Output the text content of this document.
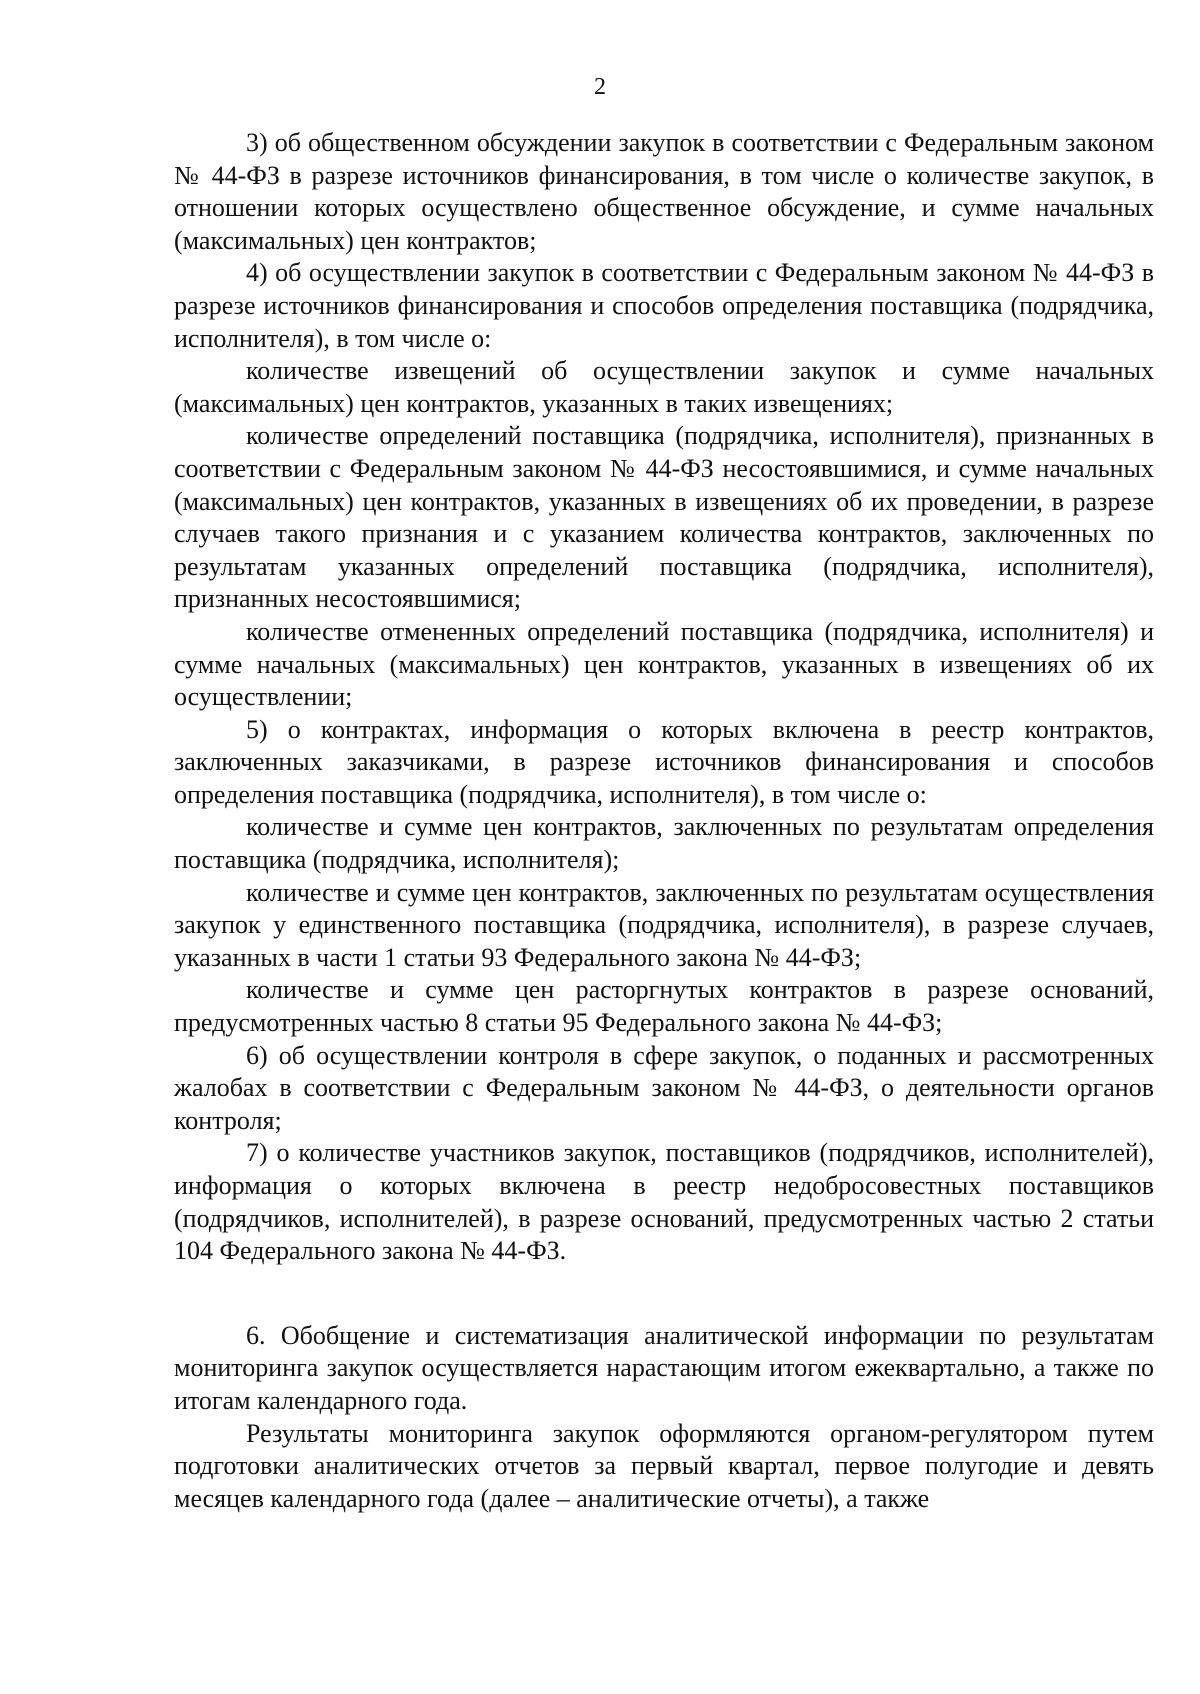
2

3) об общественном обсуждении закупок в соответствии с Федеральным законом № 44-ФЗ в разрезе источников финансирования, в том числе о количестве закупок, в отношении которых осуществлено общественное обсуждение, и сумме начальных (максимальных) цен контрактов;

4) об осуществлении закупок в соответствии с Федеральным законом № 44-ФЗ в разрезе источников финансирования и способов определения поставщика (подрядчика, исполнителя), в том числе о:

количестве извещений об осуществлении закупок и сумме начальных (максимальных) цен контрактов, указанных в таких извещениях;

количестве определений поставщика (подрядчика, исполнителя), признанных в соответствии с Федеральным законом № 44-ФЗ несостоявшимися, и сумме начальных (максимальных) цен контрактов, указанных в извещениях об их проведении, в разрезе случаев такого признания и с указанием количества контрактов, заключенных по результатам указанных определений поставщика (подрядчика, исполнителя), признанных несостоявшимися;

количестве отмененных определений поставщика (подрядчика, исполнителя) и сумме начальных (максимальных) цен контрактов, указанных в извещениях об их осуществлении;

5) о контрактах, информация о которых включена в реестр контрактов, заключенных заказчиками, в разрезе источников финансирования и способов определения поставщика (подрядчика, исполнителя), в том числе о:

количестве и сумме цен контрактов, заключенных по результатам определения поставщика (подрядчика, исполнителя);

количестве и сумме цен контрактов, заключенных по результатам осуществления закупок у единственного поставщика (подрядчика, исполнителя), в разрезе случаев, указанных в части 1 статьи 93 Федерального закона № 44-ФЗ;

количестве и сумме цен расторгнутых контрактов в разрезе оснований, предусмотренных частью 8 статьи 95 Федерального закона № 44-ФЗ;

6) об осуществлении контроля в сфере закупок, о поданных и рассмотренных жалобах в соответствии с Федеральным законом № 44-ФЗ, о деятельности органов контроля;

7) о количестве участников закупок, поставщиков (подрядчиков, исполнителей), информация о которых включена в реестр недобросовестных поставщиков (подрядчиков, исполнителей), в разрезе оснований, предусмотренных частью 2 статьи 104 Федерального закона № 44-ФЗ.

6. Обобщение и систематизация аналитической информации по результатам мониторинга закупок осуществляется нарастающим итогом ежеквартально, а также по итогам календарного года.

Результаты мониторинга закупок оформляются органом-регулятором путем подготовки аналитических отчетов за первый квартал, первое полугодие и девять месяцев календарного года (далее – аналитические отчеты), а также
